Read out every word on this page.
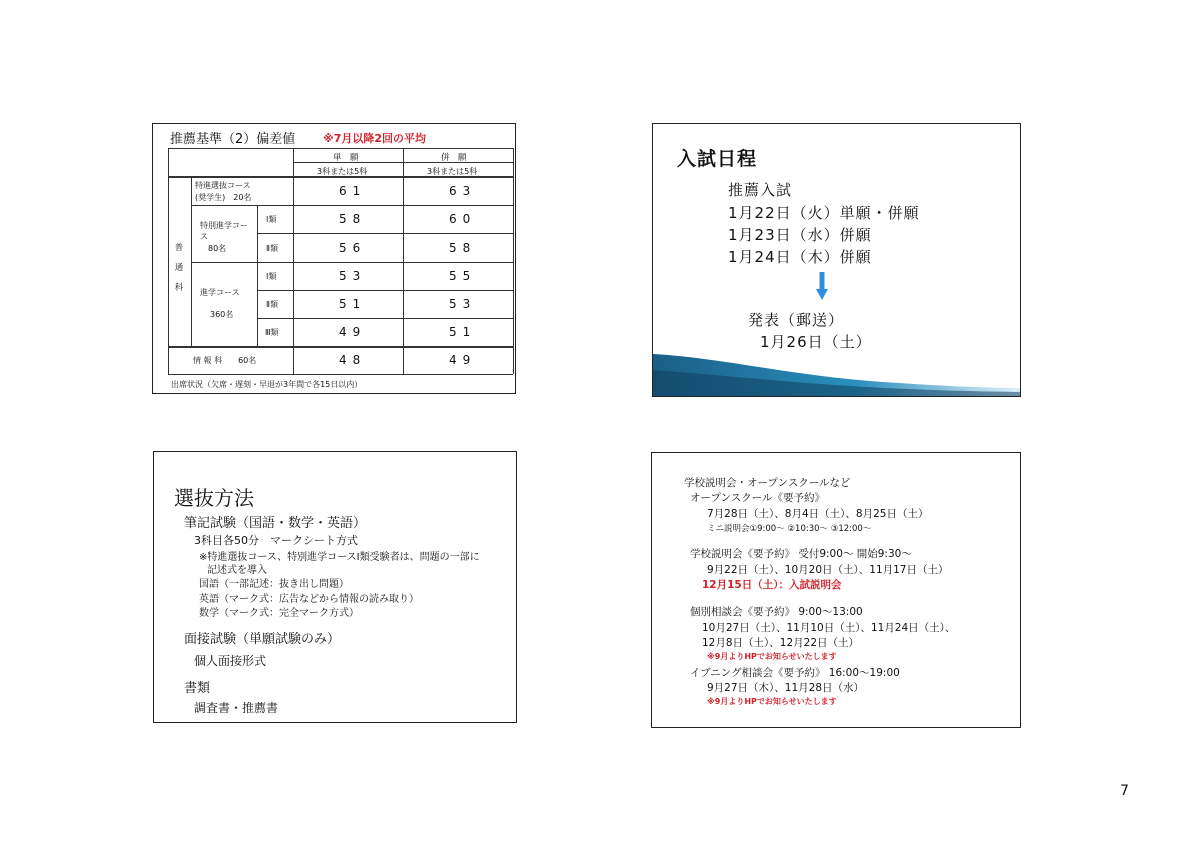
推薦基準（2）偏差値	※7月以降2回の平均
単　願	併　願
3科または5科	3科または5科
普通科
特進選抜コース
(奨学生)　20名	61	63
特別進学コース
80名
Ⅰ類	58	60
Ⅱ類	56	58
進学コース
360名
Ⅰ類	53	55
Ⅱ類	51	53
Ⅲ類	49	51
情 報 科　　60名	48	49
出席状況（欠席・遅刻・早退が3年間で各15日以内）
入試日程
推薦入試
1月22日（火）単願・併願
1月23日（水）併願
1月24日（木）併願
発表（郵送）
1月26日（土）
選抜方法
筆記試験（国語・数学・英語）
3科目各50分　マークシート方式
※特進選抜コース、特別進学コースⅠ類受験者は、問題の一部に
記述式を導入
国語（一部記述：抜き出し問題）
英語（マーク式：広告などから情報の読み取り）
数学（マーク式：完全マーク方式）
面接試験（単願試験のみ）
個人面接形式
書類
調査書・推薦書
学校説明会・オープンスクールなど
オープンスクール《要予約》
7月28日（土）、8月4日（土）、8月25日（土）
ミニ説明会①9:00～ ②10:30～ ③12:00～
学校説明会《要予約》 受付9:00～ 開始9:30～
9月22日（土）、10月20日（土）、11月17日（土）
12月15日（土）：入試説明会
個別相談会《要予約》 9:00～13:00
10月27日（土）、11月10日（土）、11月24日（土）、
12月8日（土）、12月22日（土）
※9月よりHPでお知らせいたします
イブニング相談会《要予約》 16:00～19:00
9月27日（木）、11月28日（水）
※9月よりHPでお知らせいたします
7
